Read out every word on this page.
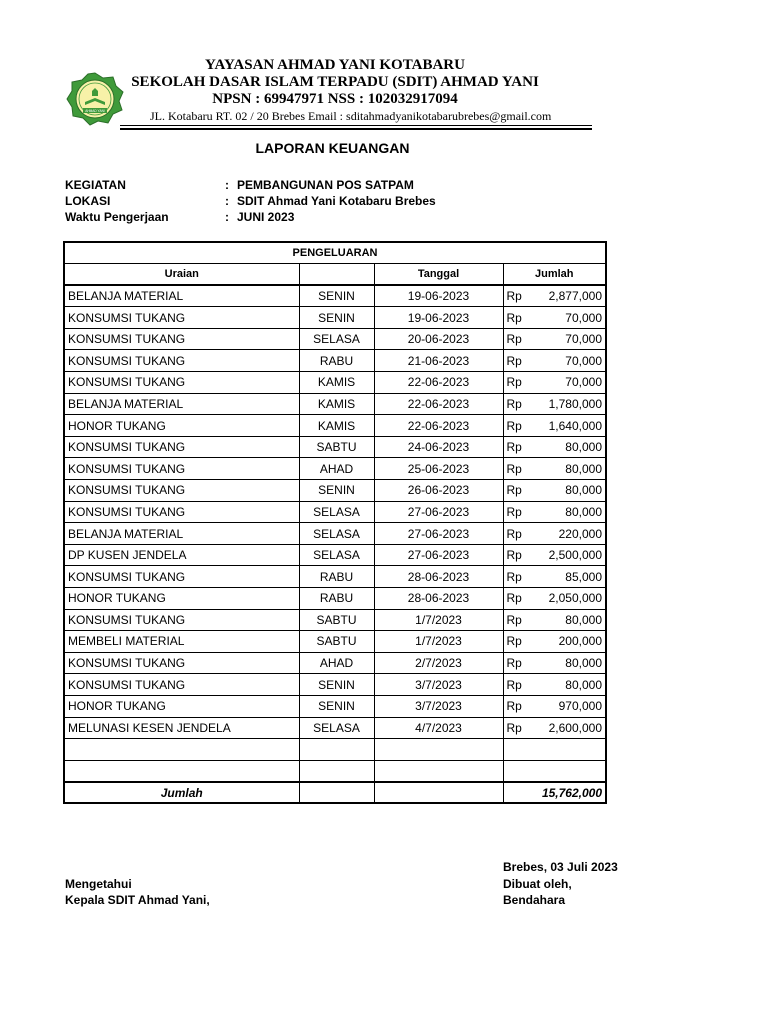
AHMAD YANI
YAYASAN AHMAD YANI KOTABARU
SEKOLAH DASAR ISLAM TERPADU (SDIT) AHMAD YANI
NPSN : 69947971 NSS : 102032917094
JL. Kotabaru RT. 02 / 20 Brebes Email : sditahmadyanikotabarubrebes@gmail.com
LAPORAN KEUANGAN
KEGIATAN	: PEMBANGUNAN POS SATPAM
LOKASI	: SDIT Ahmad Yani Kotabaru Brebes
Waktu Pengerjaan	: JUNI 2023
PENGELUARAN			
Uraian		Tanggal	Jumlah
BELANJA MATERIAL	SENIN	19-06-2023	Rp 2,877,000

KONSUMSI TUKANG	SENIN	19-06-2023	Rp 70,000

KONSUMSI TUKANG	SELASA	20-06-2023	Rp 70,000

KONSUMSI TUKANG	RABU	21-06-2023	Rp 70,000

KONSUMSI TUKANG	KAMIS	22-06-2023	Rp 70,000

BELANJA MATERIAL	KAMIS	22-06-2023	Rp 1,780,000

HONOR TUKANG	KAMIS	22-06-2023	Rp 1,640,000

KONSUMSI TUKANG	SABTU	24-06-2023	Rp 80,000

KONSUMSI TUKANG	AHAD	25-06-2023	Rp 80,000

KONSUMSI TUKANG	SENIN	26-06-2023	Rp 80,000

KONSUMSI TUKANG	SELASA	27-06-2023	Rp 80,000

BELANJA MATERIAL	SELASA	27-06-2023	Rp 220,000

DP KUSEN JENDELA	SELASA	27-06-2023	Rp 2,500,000

KONSUMSI TUKANG	RABU	28-06-2023	Rp 85,000

HONOR TUKANG	RABU	28-06-2023	Rp 2,050,000

KONSUMSI TUKANG	SABTU	1/7/2023	Rp 80,000

MEMBELI MATERIAL	SABTU	1/7/2023	Rp 200,000

KONSUMSI TUKANG	AHAD	2/7/2023	Rp 80,000

KONSUMSI TUKANG	SENIN	3/7/2023	Rp 80,000

HONOR TUKANG	SENIN	3/7/2023	Rp 970,000

MELUNASI KESEN JENDELA	SELASA	4/7/2023	Rp 2,600,000

Jumlah			15,762,000
Brebes, 03 Juli 2023
Mengetahui
Kepala SDIT Ahmad Yani,
Dibuat oleh,
Bendahara
